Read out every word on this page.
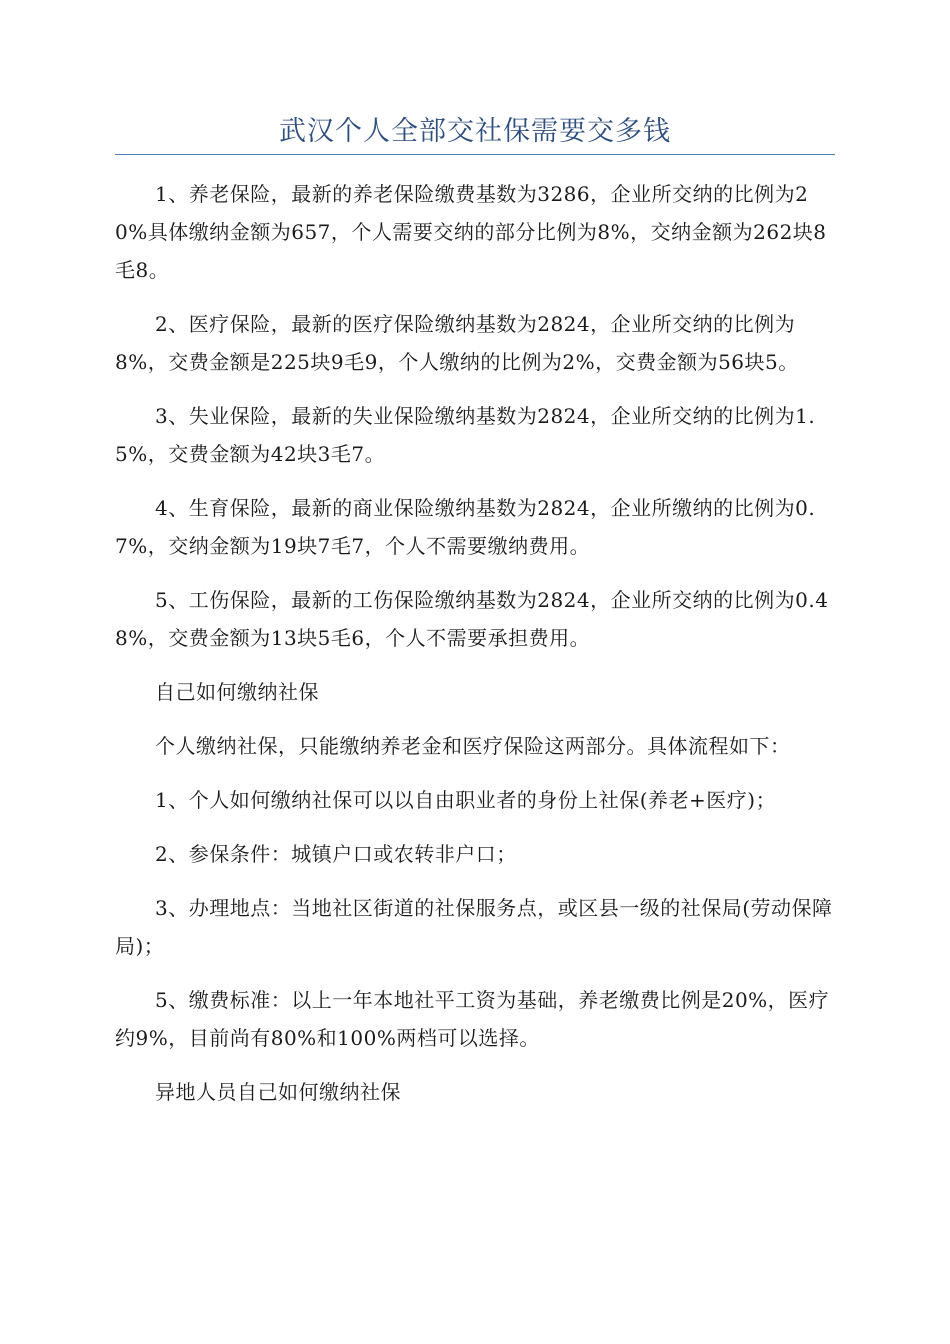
武汉个人全部交社保需要交多钱

1、养老保险，最新的养老保险缴费基数为3286，企业所交纳的比例为20%具体缴纳金额为657，个人需要交纳的部分比例为8%，交纳金额为262块8毛8。

2、医疗保险，最新的医疗保险缴纳基数为2824，企业所交纳的比例为8%，交费金额是225块9毛9，个人缴纳的比例为2%，交费金额为56块5。

3、失业保险，最新的失业保险缴纳基数为2824，企业所交纳的比例为1.5%，交费金额为42块3毛7。

4、生育保险，最新的商业保险缴纳基数为2824，企业所缴纳的比例为0.7%，交纳金额为19块7毛7，个人不需要缴纳费用。

5、工伤保险，最新的工伤保险缴纳基数为2824，企业所交纳的比例为0.48%，交费金额为13块5毛6，个人不需要承担费用。

自己如何缴纳社保

个人缴纳社保，只能缴纳养老金和医疗保险这两部分。具体流程如下：

1、个人如何缴纳社保可以以自由职业者的身份上社保(养老+医疗)；

2、参保条件：城镇户口或农转非户口；

3、办理地点：当地社区街道的社保服务点，或区县一级的社保局(劳动保障局)；

5、缴费标准：以上一年本地社平工资为基础，养老缴费比例是20%，医疗约9%，目前尚有80%和100%两档可以选择。

异地人员自己如何缴纳社保
